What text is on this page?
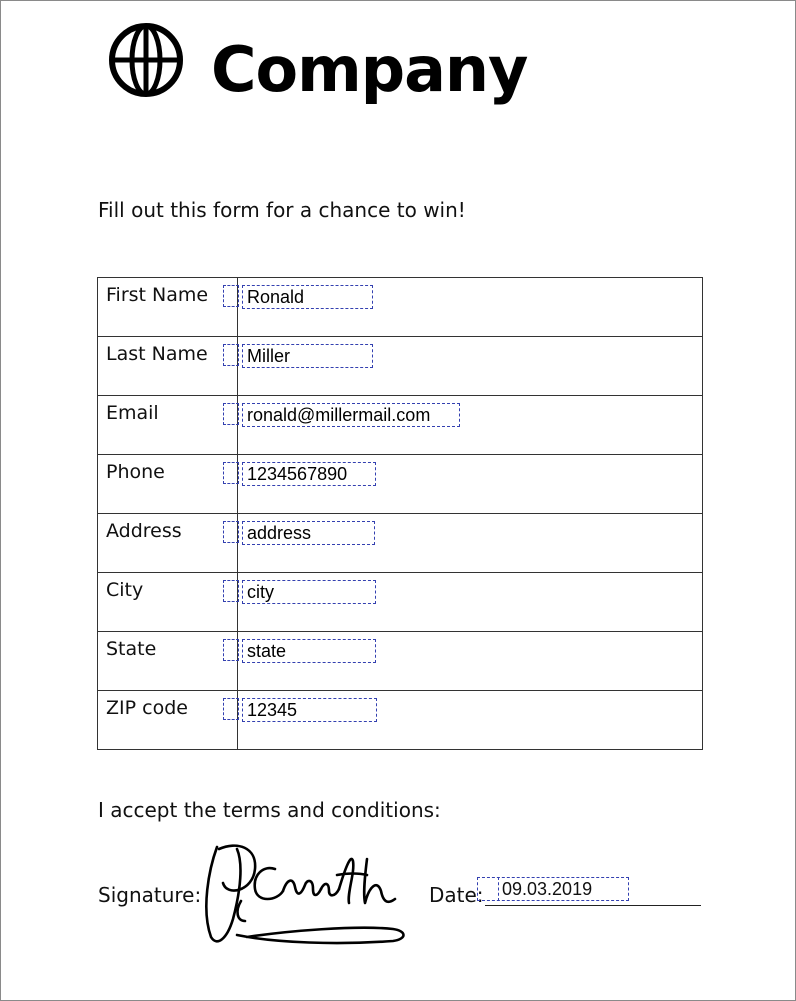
Company
Fill out this form for a chance to win!
First Name	Ronald

Last Name	Miller

Email	ronald@millermail.com

Phone	1234567890

Address	address

City	city

State	state

ZIP code	12345
I accept the terms and conditions:
Signature:	Date:	09.03.2019
